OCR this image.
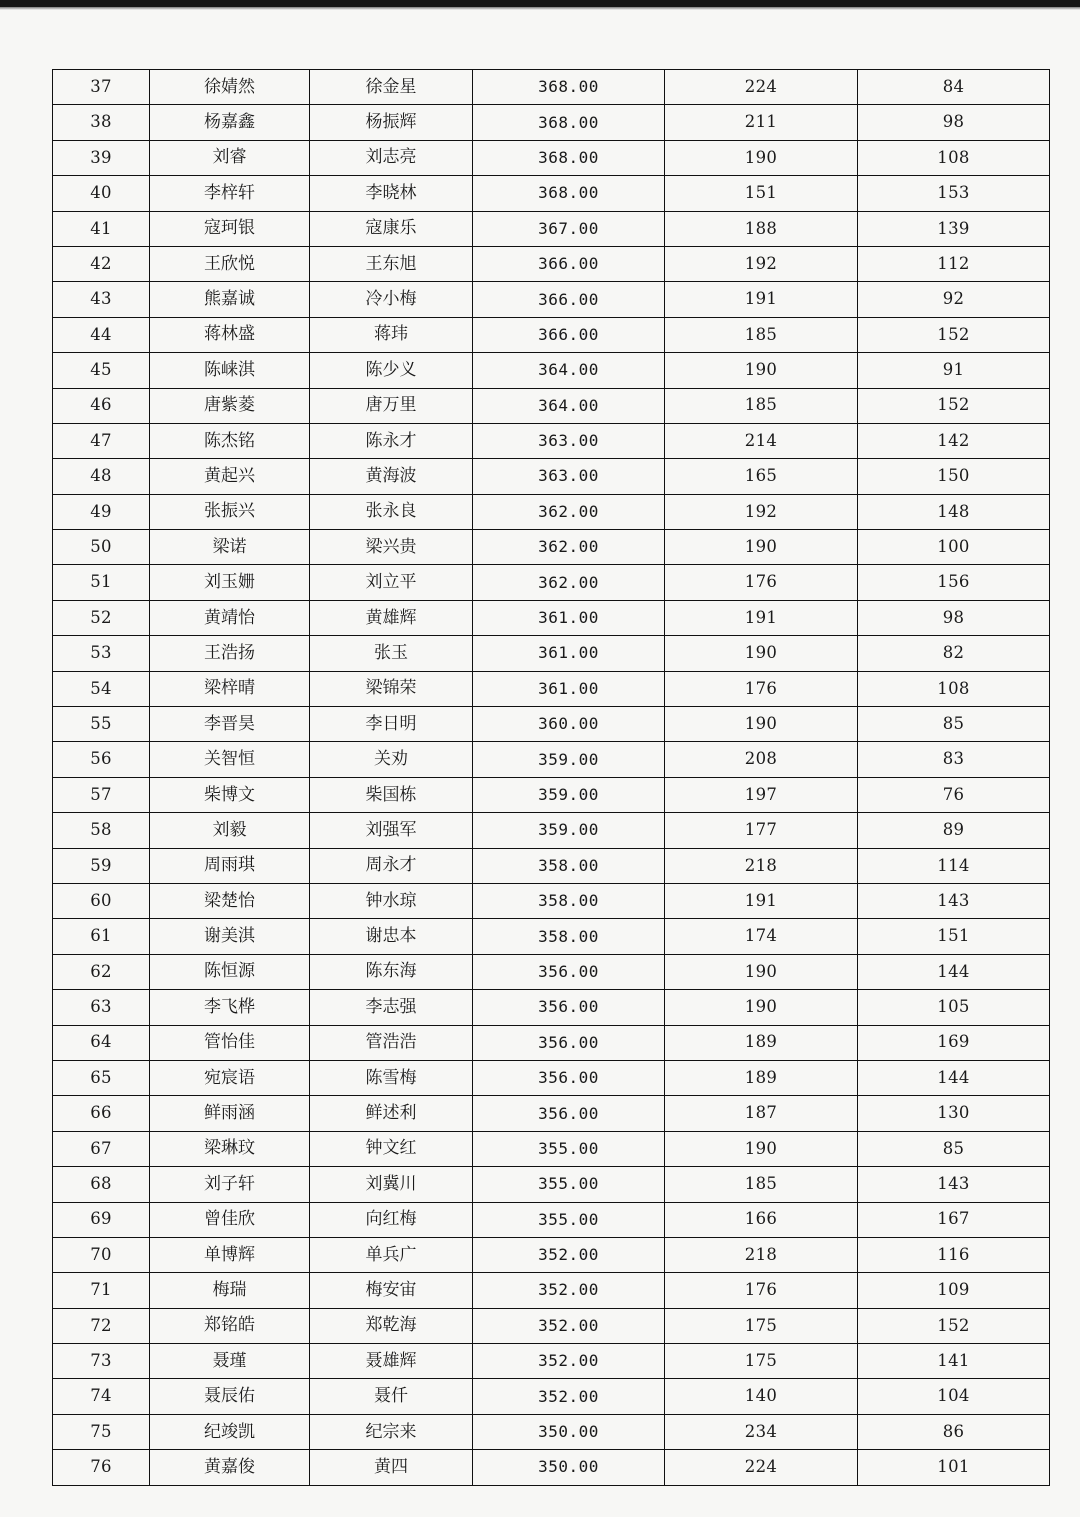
37	徐婧然	徐金星	368.00	224	84
38	杨嘉鑫	杨振辉	368.00	211	98
39	刘睿	刘志亮	368.00	190	108
40	李梓轩	李晓林	368.00	151	153
41	寇珂银	寇康乐	367.00	188	139
42	王欣悦	王东旭	366.00	192	112
43	熊嘉诚	冷小梅	366.00	191	92
44	蒋林盛	蒋玮	366.00	185	152
45	陈崃淇	陈少义	364.00	190	91
46	唐紫菱	唐万里	364.00	185	152
47	陈杰铭	陈永才	363.00	214	142
48	黄起兴	黄海波	363.00	165	150
49	张振兴	张永良	362.00	192	148
50	梁诺	梁兴贵	362.00	190	100
51	刘玉姗	刘立平	362.00	176	156
52	黄靖怡	黄雄辉	361.00	191	98
53	王浩扬	张玉	361.00	190	82
54	梁梓晴	梁锦荣	361.00	176	108
55	李晋昊	李日明	360.00	190	85
56	关智恒	关劝	359.00	208	83
57	柴博文	柴国栋	359.00	197	76
58	刘毅	刘强军	359.00	177	89
59	周雨琪	周永才	358.00	218	114
60	梁楚怡	钟水琼	358.00	191	143
61	谢美淇	谢忠本	358.00	174	151
62	陈恒源	陈东海	356.00	190	144
63	李飞桦	李志强	356.00	190	105
64	管怡佳	管浩浩	356.00	189	169
65	宛宸语	陈雪梅	356.00	189	144
66	鲜雨涵	鲜述利	356.00	187	130
67	梁琳玟	钟文红	355.00	190	85
68	刘子轩	刘冀川	355.00	185	143
69	曾佳欣	向红梅	355.00	166	167
70	单博辉	单兵广	352.00	218	116
71	梅瑞	梅安宙	352.00	176	109
72	郑铭皓	郑乾海	352.00	175	152
73	聂瑾	聂雄辉	352.00	175	141
74	聂辰佑	聂仟	352.00	140	104
75	纪竣凯	纪宗来	350.00	234	86
76	黄嘉俊	黄四	350.00	224	101
